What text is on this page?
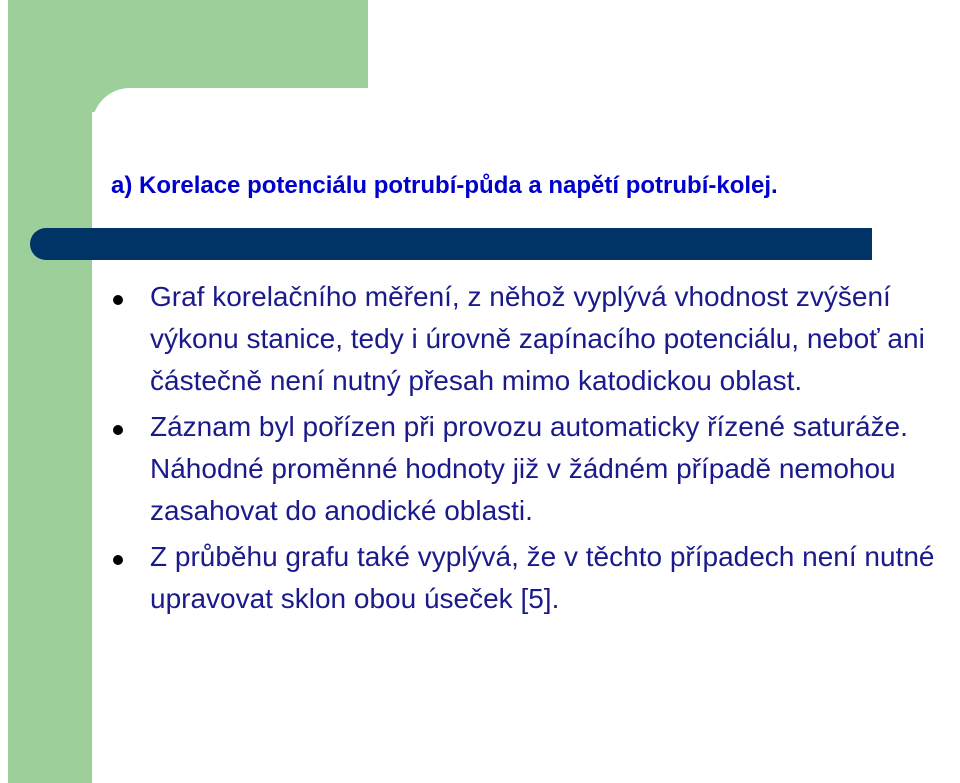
a) Korelace potenciálu potrubí-půda a napětí potrubí-kolej.
Graf korelačního měření, z něhož vyplývá vhodnost zvýšení výkonu stanice, tedy i úrovně zapínacího potenciálu, neboť ani částečně není nutný přesah mimo katodickou oblast.
Záznam byl pořízen při provozu automaticky řízené saturáže. Náhodné proměnné hodnoty již v žádném případě nemohou zasahovat do anodické oblasti.
Z průběhu grafu také vyplývá, že v těchto případech není nutné upravovat sklon obou úseček [5].
